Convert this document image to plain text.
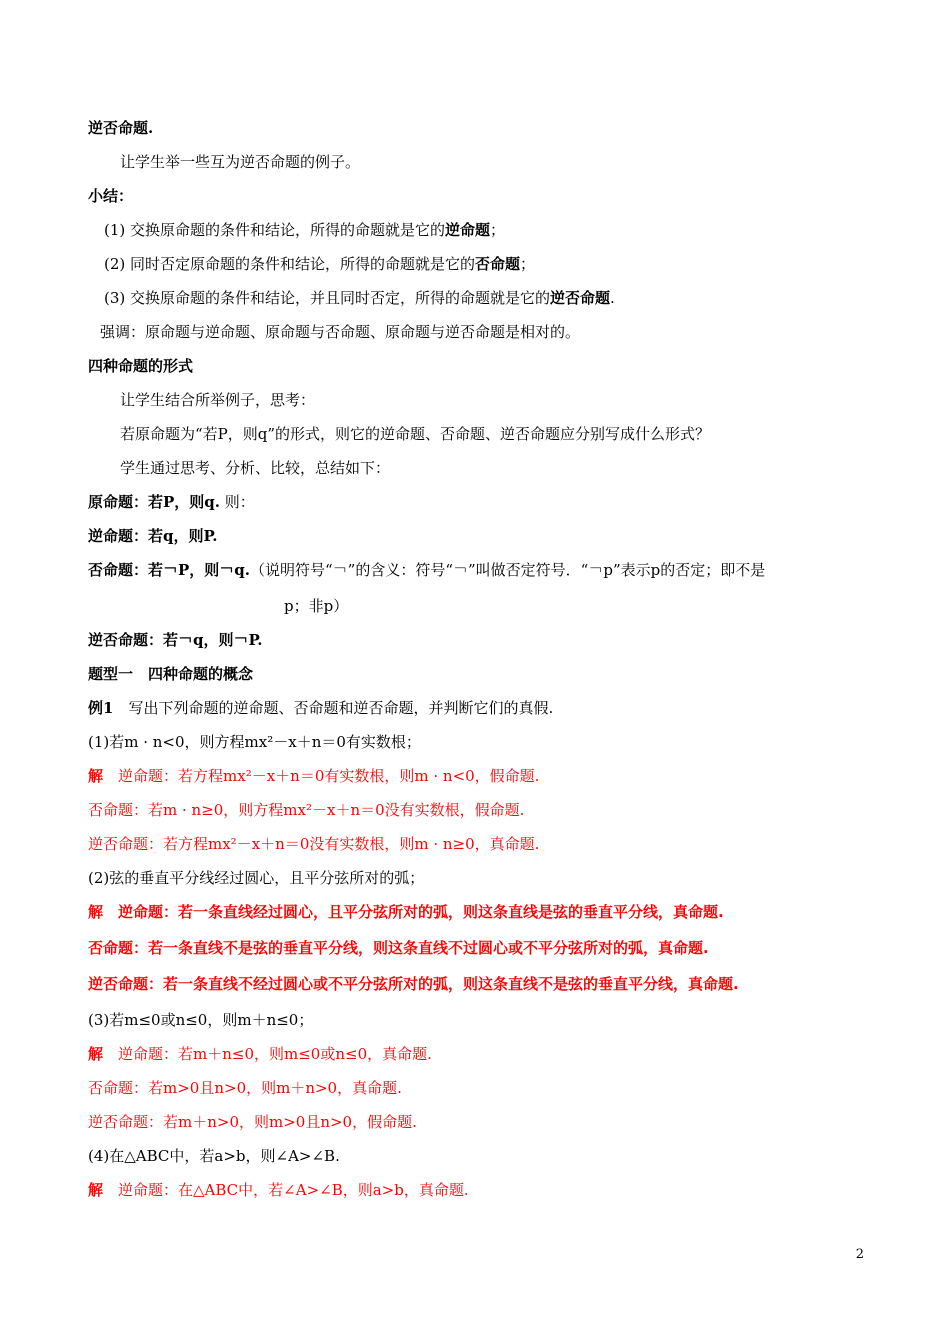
逆否命题.
让学生举一些互为逆否命题的例子。
小结：
(1) 交换原命题的条件和结论，所得的命题就是它的逆命题；
(2) 同时否定原命题的条件和结论，所得的命题就是它的否命题；
(3) 交换原命题的条件和结论，并且同时否定，所得的命题就是它的逆否命题.
强调：原命题与逆命题、原命题与否命题、原命题与逆否命题是相对的。
四种命题的形式
让学生结合所举例子，思考：
若原命题为“若P，则q”的形式，则它的逆命题、否命题、逆否命题应分别写成什么形式？
学生通过思考、分析、比较，总结如下：
原命题：若P，则q. 则：
逆命题：若q，则P.
否命题：若￢P，则￢q.（说明符号“￢”的含义：符号“￢”叫做否定符号．“￢p”表示p的否定；即不是
p；非p）
逆否命题：若￢q，则￢P.
题型一　四种命题的概念
例1　写出下列命题的逆命题、否命题和逆否命题，并判断它们的真假.
(1)若m · n<0，则方程mx²－x＋n＝0有实数根；
解　逆命题：若方程mx²－x＋n＝0有实数根，则m · n<0，假命题.
否命题：若m · n≥0，则方程mx²－x＋n＝0没有实数根，假命题.
逆否命题：若方程mx²－x＋n＝0没有实数根，则m · n≥0，真命题.
(2)弦的垂直平分线经过圆心，且平分弦所对的弧；
解　逆命题：若一条直线经过圆心，且平分弦所对的弧，则这条直线是弦的垂直平分线，真命题.
否命题：若一条直线不是弦的垂直平分线，则这条直线不过圆心或不平分弦所对的弧，真命题.
逆否命题：若一条直线不经过圆心或不平分弦所对的弧，则这条直线不是弦的垂直平分线，真命题.
(3)若m≤0或n≤0，则m＋n≤0；
解　逆命题：若m＋n≤0，则m≤0或n≤0，真命题.
否命题：若m>0且n>0，则m＋n>0，真命题.
逆否命题：若m＋n>0，则m>0且n>0，假命题.
(4)在△ABC中，若a>b，则∠A>∠B.
解　逆命题：在△ABC中，若∠A>∠B，则a>b，真命题.
2
